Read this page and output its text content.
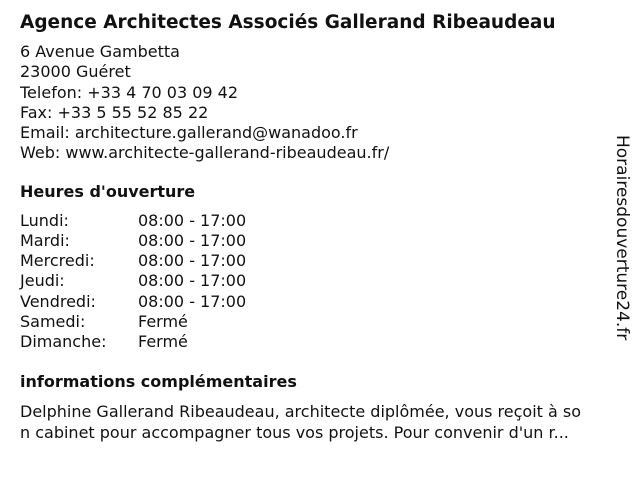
Agence Architectes Associés Gallerand Ribeaudeau
6 Avenue Gambetta
23000 Guéret
Telefon: +33 4 70 03 09 42
Fax: +33 5 55 52 85 22
Email: architecture.gallerand@wanadoo.fr
Web: www.architecte-gallerand-ribeaudeau.fr/
Heures d'ouverture
Lundi:	08:00 - 17:00
Mardi:	08:00 - 17:00
Mercredi:	08:00 - 17:00
Jeudi:	08:00 - 17:00
Vendredi:	08:00 - 17:00
Samedi:	Fermé
Dimanche:	Fermé
informations complémentaires
Delphine Gallerand Ribeaudeau, architecte diplômée, vous reçoit à so
n cabinet pour accompagner tous vos projets. Pour convenir d'un r...
Horairesdouverture24.fr
